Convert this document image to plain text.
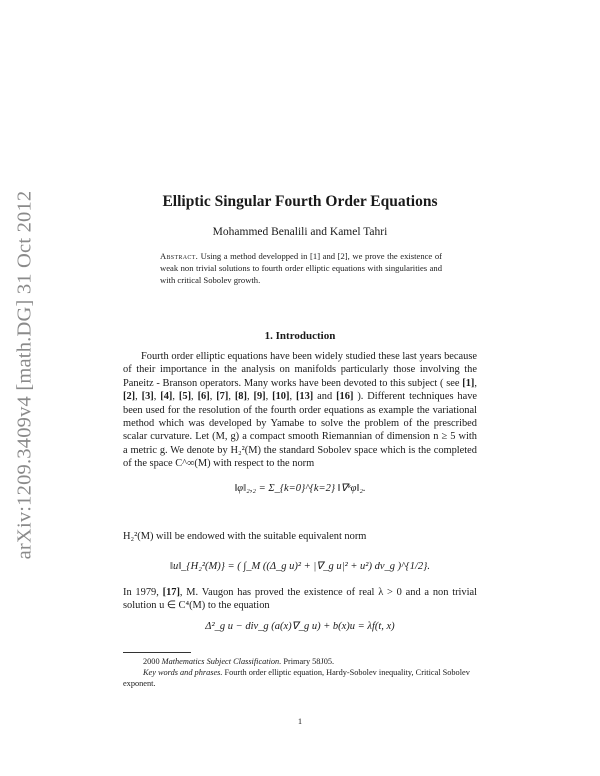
arXiv:1209.3409v4 [math.DG] 31 Oct 2012	Elliptic Singular Fourth Order Equations
Mohammed Benalili and Kamel Tahri
Abstract. Using a method developped in [1] and [2], we prove the existence of weak non trivial solutions to fourth order elliptic equations with singularities and with critical Sobolev growth.
1. Introduction
Fourth order elliptic equations have been widely studied these last years because of their importance in the analysis on manifolds particularly those involving the Paneitz - Branson operators. Many works have been devoted to this subject ( see [1], [2], [3], [4], [5], [6], [7], [8], [9], [10], [13] and [16] ). Different techniques have been used for the resolution of the fourth order equations as example the variational method which was developed by Yamabe to solve the problem of the prescribed scalar curvature. Let (M, g) a compact smooth Riemannian of dimension n ≥ 5 with a metric g. We denote by H₂²(M) the standard Sobolev space which is the completed of the space C^∞(M) with respect to the norm
‖φ‖₂,₂ = Σ_{k=0}^{k=2} ‖∇ᵏφ‖₂.
H₂²(M) will be endowed with the suitable equivalent norm
‖u‖_{H₂²(M)} = ( ∫_M ((Δ_g u)² + |∇_g u|² + u²) dv_g )^{1/2}.
In 1979, [17], M. Vaugon has proved the existence of real λ > 0 and a non trivial solution u ∈ C⁴(M) to the equation
Δ²_g u − div_g (a(x)∇_g u) + b(x)u = λf(t, x)
2000 Mathematics Subject Classification. Primary 58J05.
Key words and phrases. Fourth order elliptic equation, Hardy-Sobolev inequality, Critical Sobolev exponent.
1
